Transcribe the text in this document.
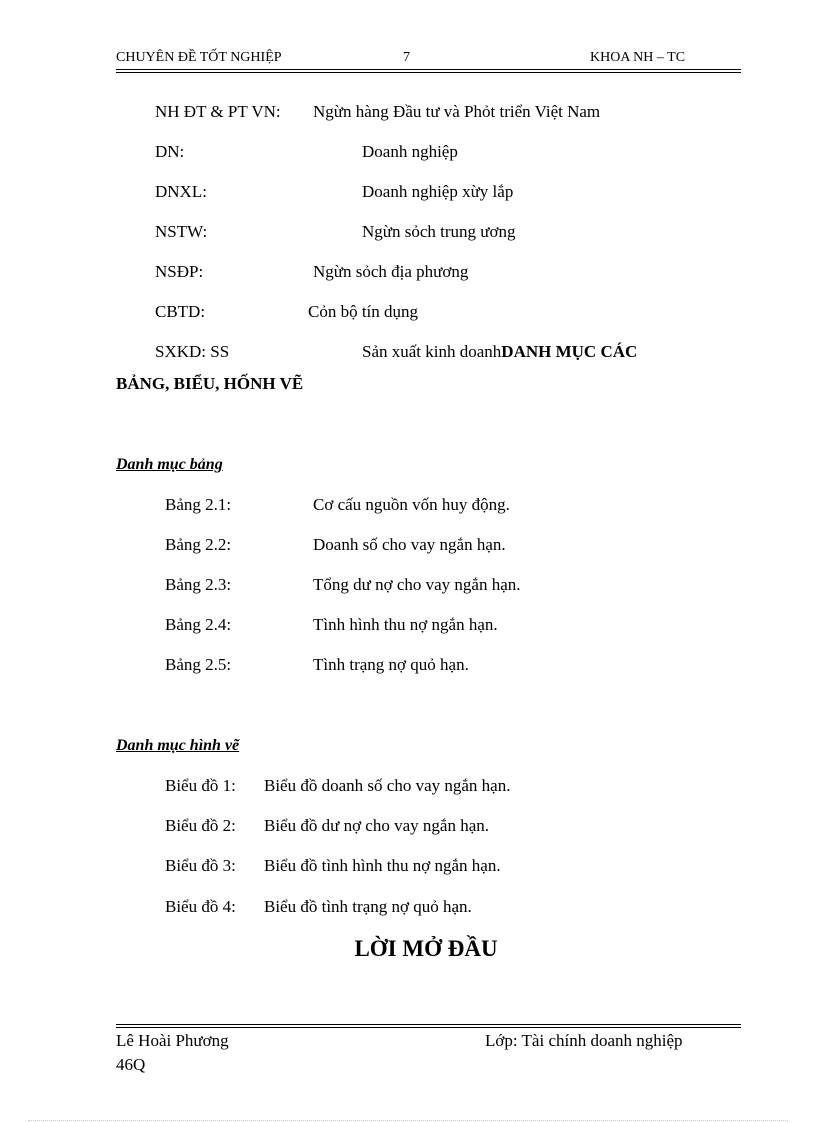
CHUYÊN ĐỀ TỐT NGHIỆP	7	KHOA NH – TC
NH ĐT & PT VN: Ngừn hàng Đầu tư và Phỏt triển Việt Nam
DN:	Doanh nghiệp
DNXL:	Doanh nghiệp xừy lắp
NSTW:	Ngừn sỏch trung ương
NSĐP:	Ngừn sỏch địa phương
CBTD:	Cỏn bộ tín dụng
SXKD: SS	Sản xuất kinh doanhDANH MỤC CÁC
BẢNG, BIỂU, HỐNH VẼ
Danh mục bảng
Bảng 2.1:	Cơ cấu nguồn vốn huy động.
Bảng 2.2:	Doanh số cho vay ngắn hạn.
Bảng 2.3:	Tổng dư nợ cho vay ngắn hạn.
Bảng 2.4:	Tình hình thu nợ ngắn hạn.
Bảng 2.5:	Tình trạng nợ quỏ hạn.
Danh mục hình vẽ
Biểu đồ 1: Biểu đồ doanh số cho vay ngắn hạn.
Biểu đồ 2: Biểu đồ dư nợ cho vay ngắn hạn.
Biểu đồ 3: Biểu đồ tình hình thu nợ ngắn hạn.
Biểu đồ 4: Biểu đồ tình trạng nợ quỏ hạn.
LỜI MỞ ĐẦU
Lê Hoài Phương	Lớp: Tài chính doanh nghiệp
46Q
